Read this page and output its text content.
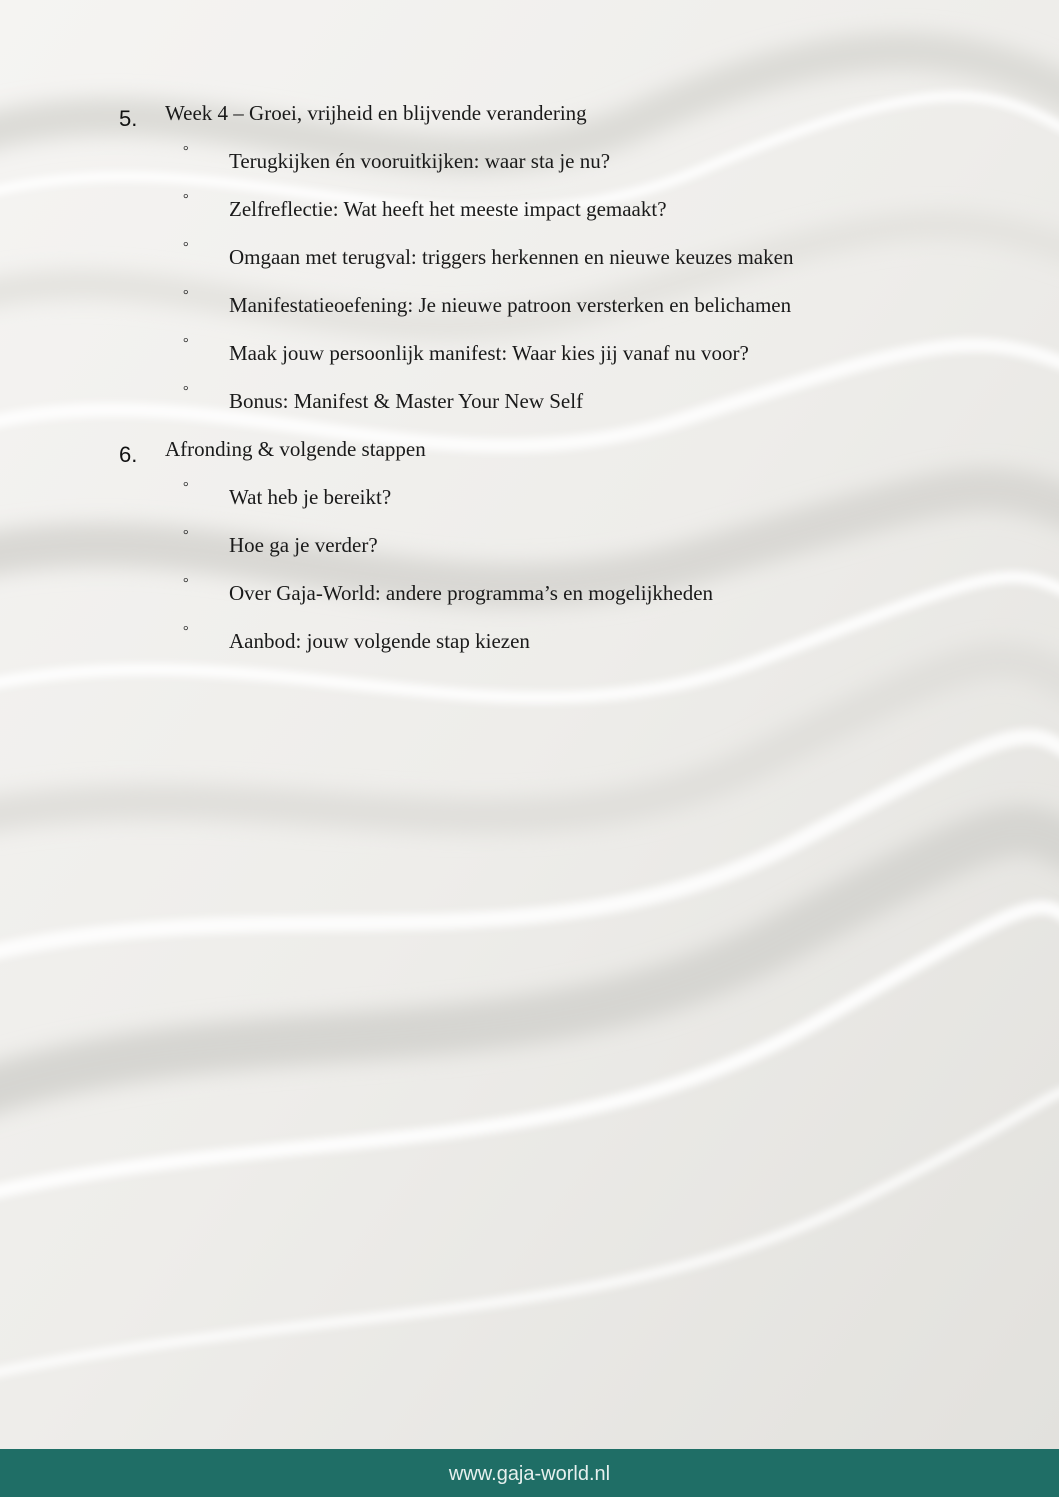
5. Week 4 – Groei, vrijheid en blijvende verandering
° Terugkijken én vooruitkijken: waar sta je nu?
° Zelfreflectie: Wat heeft het meeste impact gemaakt?
° Omgaan met terugval: triggers herkennen en nieuwe keuzes maken
° Manifestatieoefening: Je nieuwe patroon versterken en belichamen
° Maak jouw persoonlijk manifest: Waar kies jij vanaf nu voor?
° Bonus: Manifest & Master Your New Self
6. Afronding & volgende stappen
° Wat heb je bereikt?
° Hoe ga je verder?
° Over Gaja-World: andere programma’s en mogelijkheden
° Aanbod: jouw volgende stap kiezen
www.gaja-world.nl
